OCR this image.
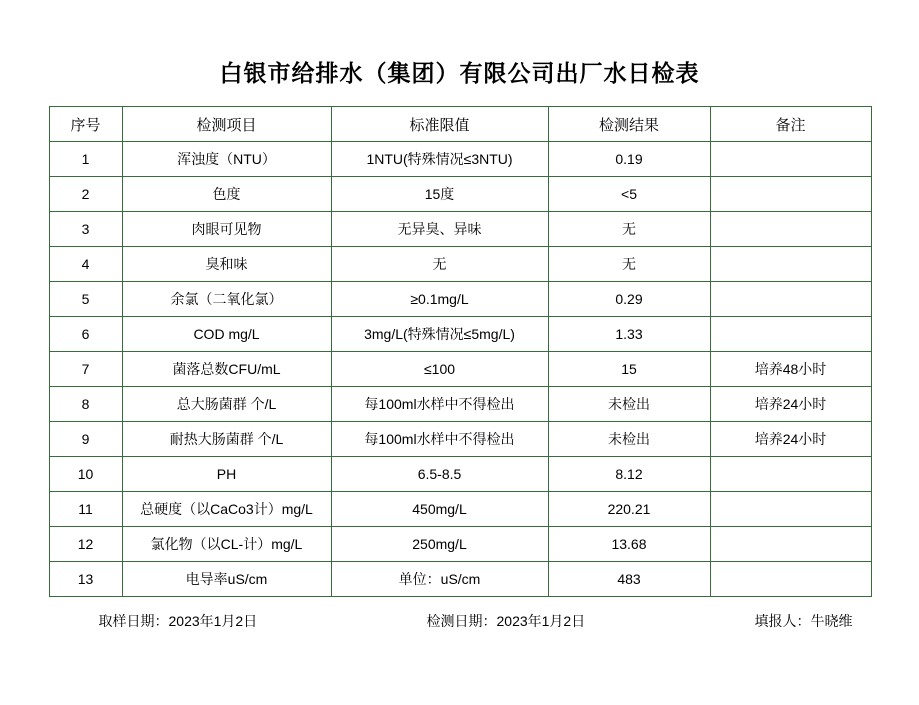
白银市给排水（集团）有限公司出厂水日检表
序号	检测项目	标准限值	检测结果	备注
1	浑浊度（NTU）	1NTU(特殊情况≤3NTU)	0.19	
2	色度	15度	<5	
3	肉眼可见物	无异臭、异味	无	
4	臭和味	无	无	
5	余氯（二氧化氯）	≥0.1mg/L	0.29	
6	COD mg/L	3mg/L(特殊情况≤5mg/L)	1.33	
7	菌落总数CFU/mL	≤100	15	培养48小时
8	总大肠菌群 个/L	每100ml水样中不得检出	未检出	培养24小时
9	耐热大肠菌群 个/L	每100ml水样中不得检出	未检出	培养24小时
10	PH	6.5-8.5	8.12	
11	总硬度（以CaCo3计）mg/L	450mg/L	220.21	
12	氯化物（以CL-计）mg/L	250mg/L	13.68	
13	电导率uS/cm	单位：uS/cm	483	
取样日期：2023年1月2日	检测日期：2023年1月2日	填报人：牛晓维
